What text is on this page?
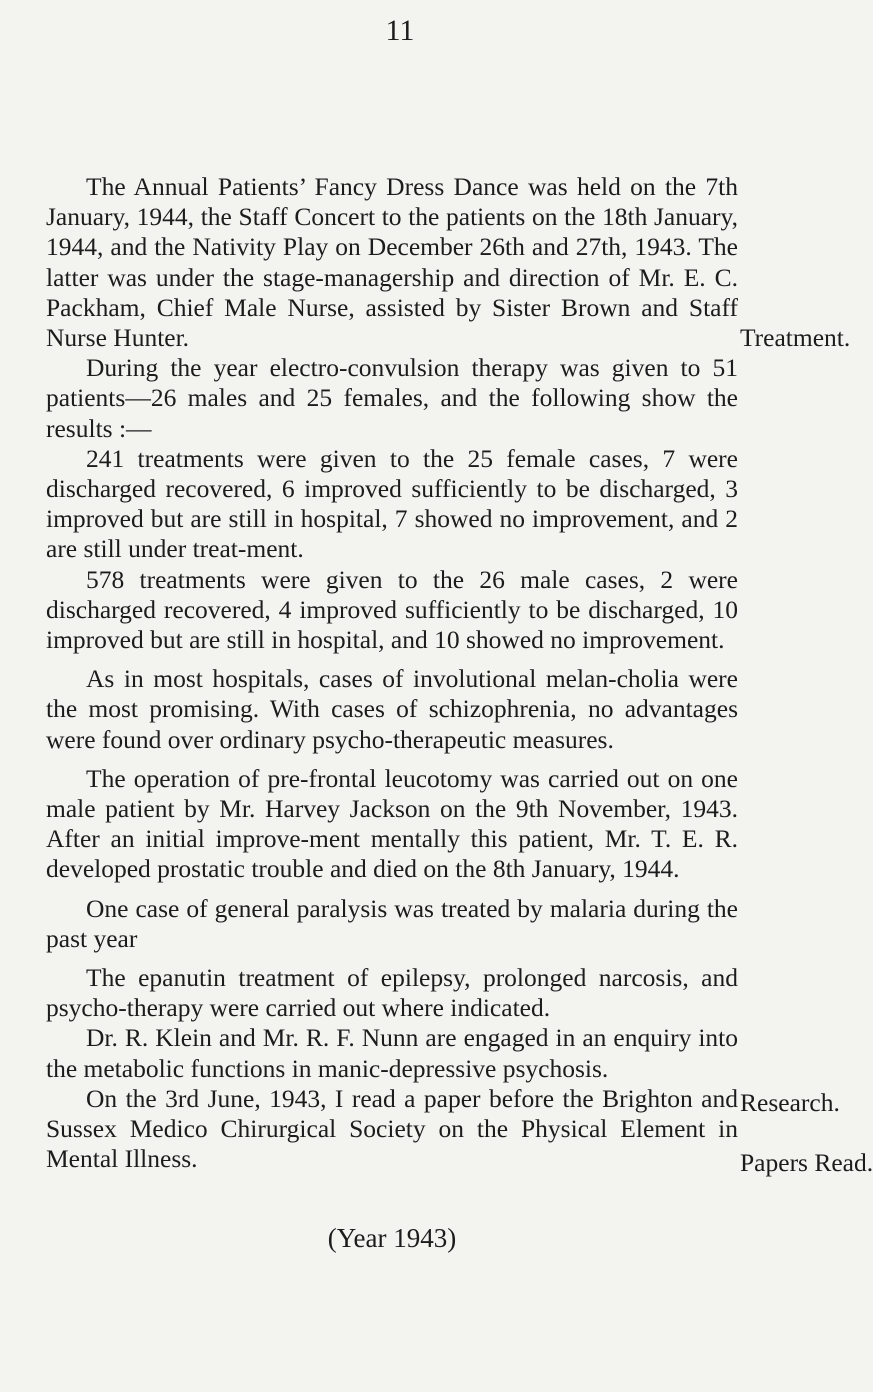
11

The Annual Patients’ Fancy Dress Dance was held on the 7th January, 1944, the Staff Concert to the patients on the 18th January, 1944, and the Nativity Play on December 26th and 27th, 1943. The latter was under the stage-managership and direction of Mr. E. C. Packham, Chief Male Nurse, assisted by Sister Brown and Staff Nurse Hunter.

During the year electro-convulsion therapy was given to 51 patients—26 males and 25 females, and the following show the results :—

241 treatments were given to the 25 female cases, 7 were discharged recovered, 6 improved sufficiently to be discharged, 3 improved but are still in hospital, 7 showed no improvement, and 2 are still under treat-ment.

578 treatments were given to the 26 male cases, 2 were discharged recovered, 4 improved sufficiently to be discharged, 10 improved but are still in hospital, and 10 showed no improvement.

As in most hospitals, cases of involutional melan-cholia were the most promising. With cases of schizophrenia, no advantages were found over ordinary psycho-therapeutic measures.

The operation of pre-frontal leucotomy was carried out on one male patient by Mr. Harvey Jackson on the 9th November, 1943. After an initial improve-ment mentally this patient, Mr. T. E. R. developed prostatic trouble and died on the 8th January, 1944.

One case of general paralysis was treated by malaria during the past year

The epanutin treatment of epilepsy, prolonged narcosis, and psycho-therapy were carried out where indicated.

Dr. R. Klein and Mr. R. F. Nunn are engaged in an enquiry into the metabolic functions in manic-depressive psychosis.

On the 3rd June, 1943, I read a paper before the Brighton and Sussex Medico Chirurgical Society on the Physical Element in Mental Illness.

Treatment.
Research.
Papers Read.
(Year 1943)
